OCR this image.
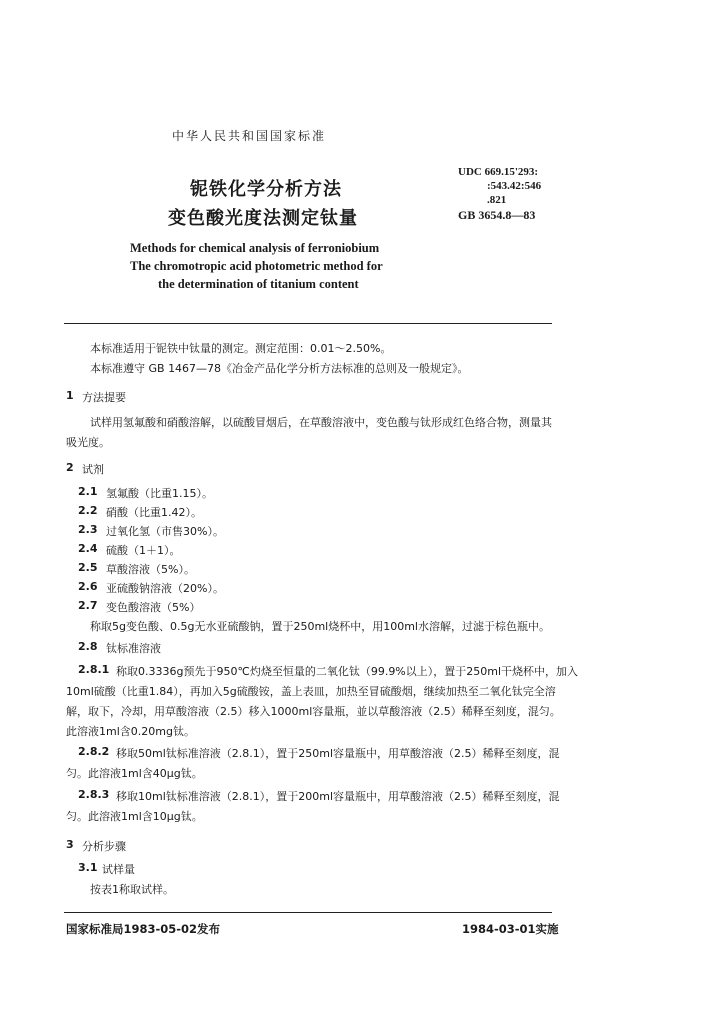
中华人民共和国国家标准
铌铁化学分析方法
变色酸光度法测定钛量
UDC 669.15'293:
:543.42:546
.821
GB 3654.8—83
Methods for chemical analysis of ferroniobium
The chromotropic acid photometric method for
the determination of titanium content
本标准适用于铌铁中钛量的测定。测定范围：0.01～2.50%。
本标准遵守 GB 1467—78《冶金产品化学分析方法标准的总则及一般规定》。
1 方法提要
试样用氢氟酸和硝酸溶解，以硫酸冒烟后，在草酸溶液中，变色酸与钛形成红色络合物，测量其
吸光度。
2 试剂
2.1 氢氟酸（比重1.15）。
2.2 硝酸（比重1.42）。
2.3 过氧化氢（市售30%）。
2.4 硫酸（1＋1）。
2.5 草酸溶液（5%）。
2.6 亚硫酸钠溶液（20%）。
2.7 变色酸溶液（5%）
称取5g变色酸、0.5g无水亚硫酸钠，置于250ml烧杯中，用100ml水溶解，过滤于棕色瓶中。
2.8 钛标准溶液
2.8.1 称取0.3336g预先于950℃灼烧至恒量的二氧化钛（99.9%以上），置于250ml干烧杯中，加入
10ml硫酸（比重1.84），再加入5g硫酸铵，盖上表皿，加热至冒硫酸烟，继续加热至二氧化钛完全溶
解，取下，冷却，用草酸溶液（2.5）移入1000ml容量瓶，並以草酸溶液（2.5）稀释至刻度，混匀。
此溶液1ml含0.20mg钛。
2.8.2 移取50ml钛标准溶液（2.8.1），置于250ml容量瓶中，用草酸溶液（2.5）稀释至刻度，混
匀。此溶液1ml含40μg钛。
2.8.3 移取10ml钛标准溶液（2.8.1），置于200ml容量瓶中，用草酸溶液（2.5）稀释至刻度，混
匀。此溶液1ml含10μg钛。
3 分析步骤
3.1 试样量
按表1称取试样。
国家标准局1983-05-02发布	1984-03-01实施
